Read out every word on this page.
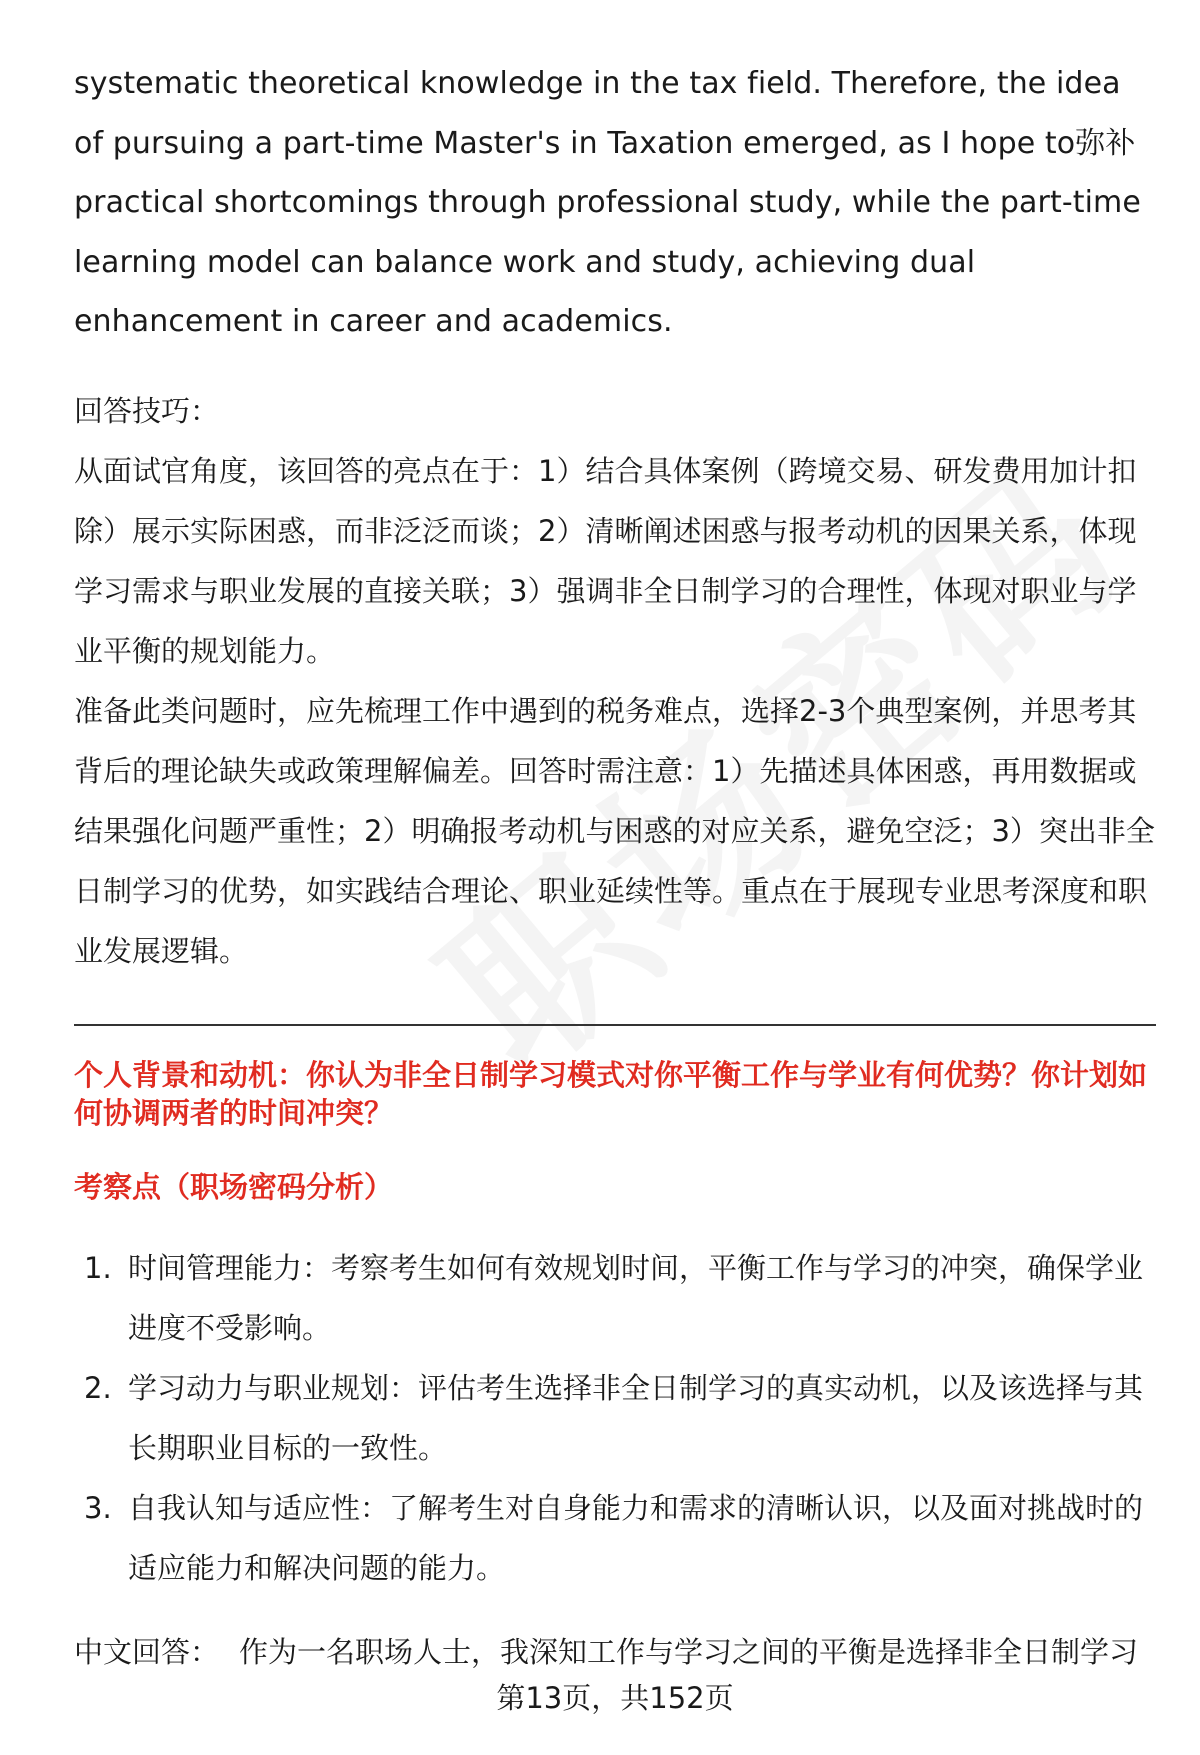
systematic theoretical knowledge in the tax field. Therefore, the idea of pursuing a part-time Master's in Taxation emerged, as I hope to弥补 practical shortcomings through professional study, while the part-time learning model can balance work and study, achieving dual enhancement in career and academics.

回答技巧：

从面试官角度，该回答的亮点在于：1）结合具体案例（跨境交易、研发费用加计扣除）展示实际困惑，而非泛泛而谈；2）清晰阐述困惑与报考动机的因果关系，体现学习需求与职业发展的直接关联；3）强调非全日制学习的合理性，体现对职业与学业平衡的规划能力。

准备此类问题时，应先梳理工作中遇到的税务难点，选择2-3个典型案例，并思考其背后的理论缺失或政策理解偏差。回答时需注意：1）先描述具体困惑，再用数据或结果强化问题严重性；2）明确报考动机与困惑的对应关系，避免空泛；3）突出非全日制学习的优势，如实践结合理论、职业延续性等。重点在于展现专业思考深度和职业发展逻辑。

个人背景和动机：你认为非全日制学习模式对你平衡工作与学业有何优势？你计划如何协调两者的时间冲突？

考察点（职场密码分析）

1. 时间管理能力：考察考生如何有效规划时间，平衡工作与学习的冲突，确保学业进度不受影响。
2. 学习动力与职业规划：评估考生选择非全日制学习的真实动机，以及该选择与其长期职业目标的一致性。
3. 自我认知与适应性：了解考生对自身能力和需求的清晰认识，以及面对挑战时的适应能力和解决问题的能力。

中文回答： 作为一名职场人士，我深知工作与学习之间的平衡是选择非全日制学习

第13页，共152页
